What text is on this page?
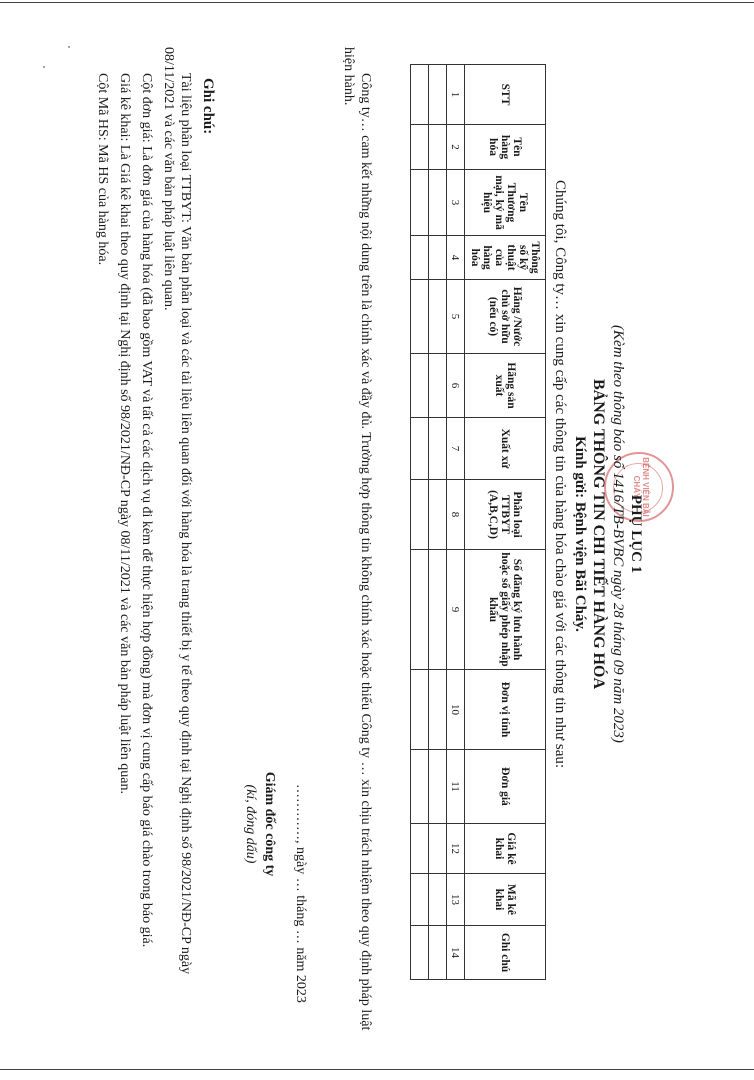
BỆNH VIỆN BÃI CHÁY
PHỤ LỤC 1
(Kèm theo thông báo số 1416/TB-BVBC ngày 28 tháng 09 năm 2023)
BẢNG THÔNG TIN CHI TIẾT HÀNG HÓA
Kính gửi: Bệnh viện Bãi Cháy.
Chúng tôi, Công ty… xin cung cấp các thông tin của hàng hóa chào giá với các thông tin như sau:
STT	Tên hàng hóa	Tên Thương mại, ký mã hiệu	Thông số kỹ thuật của hàng hóa	Hãng /Nước chủ sở hữu (nếu có)	Hãng sản xuất	Xuất xứ	Phân loại TTBYT (A,B,C,D)	Số đăng ký lưu hành hoặc số giấy phép nhập khẩu	Đơn vị tính	Đơn giá	Giá kê khai	Mã kê khai	Ghi chú
1	2	3	4	5	6	7	8	9	10	11	12	13	14

Công ty… cam kết những nội dung trên là chính xác và đầy đủ. Trường hợp thông tin không chính xác hoặc thiếu Công ty … xin chịu trách nhiệm theo quy định pháp luật hiện hành.
…………, ngày … tháng … năm 2023
Giám đốc công ty
(kí, đóng dấu)
Ghi chú:

Tài liệu phân loại TTBYT: Văn bản phân loại và các tài liệu liên quan đối với hàng hóa là trang thiết bị y tế theo quy định tại Nghị định số 98/2021/NĐ-CP ngày 08/11/2021 và các văn bản pháp luật liên quan.

Cột đơn giá: Là đơn giá của hàng hóa (đã bao gồm VAT và tất cả các dịch vụ đi kèm để thực hiện hợp đồng) mà đơn vị cung cấp báo giá chào trong báo giá.

Giá kê khai: Là Giá kê khai theo quy định tại Nghị định số 98/2021/NĐ-CP ngày 08/11/2021 và các văn bản pháp luật liên quan.

Cột Mã HS: Mã HS của hàng hóa.
